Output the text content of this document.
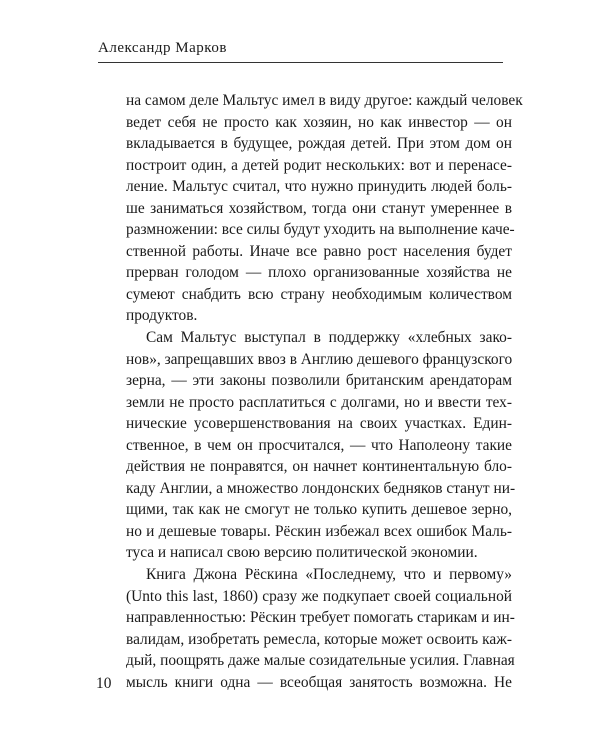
Александр Марков
на самом деле Мальтус имел в виду другое: каждый человек
ведет себя не просто как хозяин, но как инвестор — он
вкладывается в будущее, рождая детей. При этом дом он
построит один, а детей родит нескольких: вот и перенасе-
ление. Мальтус считал, что нужно принудить людей боль-
ше заниматься хозяйством, тогда они станут умереннее в
размножении: все силы будут уходить на выполнение каче-
ственной работы. Иначе все равно рост населения будет
прерван голодом — плохо организованные хозяйства не
сумеют снабдить всю страну необходимым количеством
продуктов.
Сам Мальтус выступал в поддержку «хлебных зако-
нов», запрещавших ввоз в Англию дешевого французского
зерна, — эти законы позволили британским арендаторам
земли не просто расплатиться с долгами, но и ввести тех-
нические усовершенствования на своих участках. Един-
ственное, в чем он просчитался, — что Наполеону такие
действия не понравятся, он начнет континентальную бло-
каду Англии, а множество лондонских бедняков станут ни-
щими, так как не смогут не только купить дешевое зерно,
но и дешевые товары. Рёскин избежал всех ошибок Маль-
туса и написал свою версию политической экономии.
Книга Джона Рёскина «Последнему, что и первому»
(Unto this last, 1860) сразу же подкупает своей социальной
направленностью: Рёскин требует помогать старикам и ин-
валидам, изобретать ремесла, которые может освоить каж-
дый, поощрять даже малые созидательные усилия. Главная
мысль книги одна — всеобщая занятость возможна. Не
10
